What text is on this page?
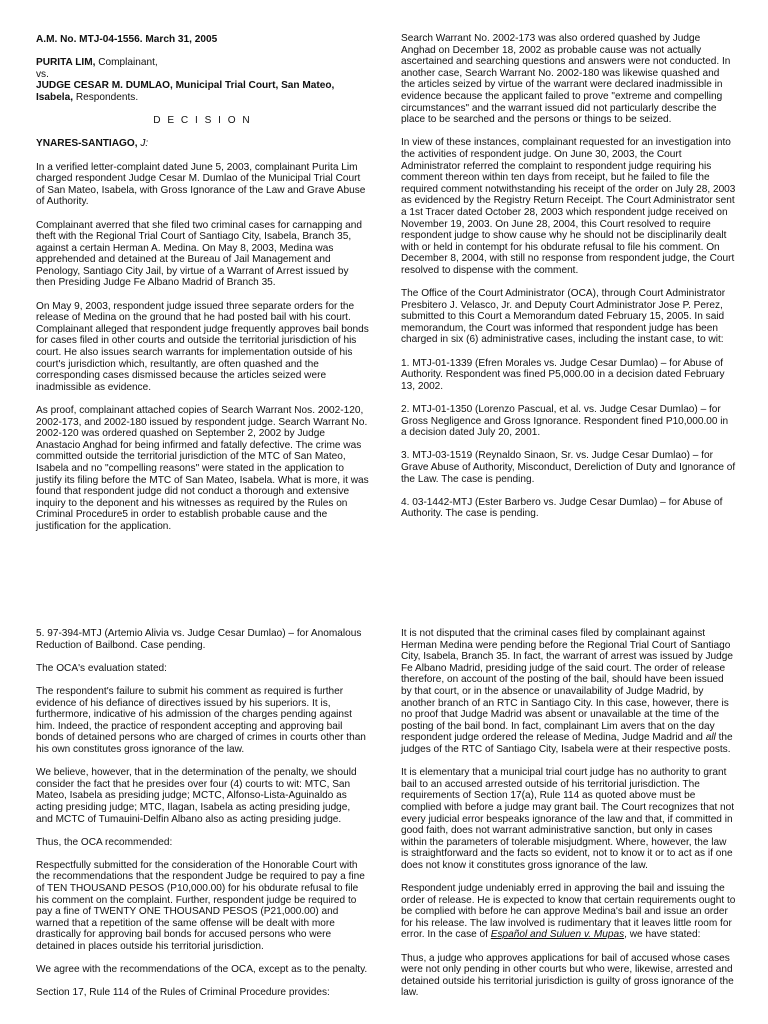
A.M. No. MTJ-04-1556. March 31, 2005

PURITA LIM, Complainant,

vs.

JUDGE CESAR M. DUMLAO, Municipal Trial Court, San Mateo, Isabela, Respondents.

D E C I S I O N

YNARES-SANTIAGO, J:

In a verified letter-complaint dated June 5, 2003, complainant Purita Lim charged respondent Judge Cesar M. Dumlao of the Municipal Trial Court of San Mateo, Isabela, with Gross Ignorance of the Law and Grave Abuse of Authority.

Complainant averred that she filed two criminal cases for carnapping and theft with the Regional Trial Court of Santiago City, Isabela, Branch 35, against a certain Herman A. Medina. On May 8, 2003, Medina was apprehended and detained at the Bureau of Jail Management and Penology, Santiago City Jail, by virtue of a Warrant of Arrest issued by then Presiding Judge Fe Albano Madrid of Branch 35.

On May 9, 2003, respondent judge issued three separate orders for the release of Medina on the ground that he had posted bail with his court. Complainant alleged that respondent judge frequently approves bail bonds for cases filed in other courts and outside the territorial jurisdiction of his court. He also issues search warrants for implementation outside of his court's jurisdiction which, resultantly, are often quashed and the corresponding cases dismissed because the articles seized were inadmissible as evidence.

As proof, complainant attached copies of Search Warrant Nos. 2002-120, 2002-173, and 2002-180 issued by respondent judge. Search Warrant No. 2002-120 was ordered quashed on September 2, 2002 by Judge Anastacio Anghad for being infirmed and fatally defective. The crime was committed outside the territorial jurisdiction of the MTC of San Mateo, Isabela and no "compelling reasons" were stated in the application to justify its filing before the MTC of San Mateo, Isabela. What is more, it was found that respondent judge did not conduct a thorough and extensive inquiry to the deponent and his witnesses as required by the Rules on Criminal Procedure5 in order to establish probable cause and the justification for the application.

Search Warrant No. 2002-173 was also ordered quashed by Judge Anghad on December 18, 2002 as probable cause was not actually ascertained and searching questions and answers were not conducted. In another case, Search Warrant No. 2002-180 was likewise quashed and the articles seized by virtue of the warrant were declared inadmissible in evidence because the applicant failed to prove "extreme and compelling circumstances" and the warrant issued did not particularly describe the place to be searched and the persons or things to be seized.

In view of these instances, complainant requested for an investigation into the activities of respondent judge. On June 30, 2003, the Court Administrator referred the complaint to respondent judge requiring his comment thereon within ten days from receipt, but he failed to file the required comment notwithstanding his receipt of the order on July 28, 2003 as evidenced by the Registry Return Receipt. The Court Administrator sent a 1st Tracer dated October 28, 2003 which respondent judge received on November 19, 2003. On June 28, 2004, this Court resolved to require respondent judge to show cause why he should not be disciplinarily dealt with or held in contempt for his obdurate refusal to file his comment. On December 8, 2004, with still no response from respondent judge, the Court resolved to dispense with the comment.

The Office of the Court Administrator (OCA), through Court Administrator Presbitero J. Velasco, Jr. and Deputy Court Administrator Jose P. Perez, submitted to this Court a Memorandum dated February 15, 2005. In said memorandum, the Court was informed that respondent judge has been charged in six (6) administrative cases, including the instant case, to wit:

1. MTJ-01-1339 (Efren Morales vs. Judge Cesar Dumlao) – for Abuse of Authority. Respondent was fined P5,000.00 in a decision dated February 13, 2002.

2. MTJ-01-1350 (Lorenzo Pascual, et al. vs. Judge Cesar Dumlao) – for Gross Negligence and Gross Ignorance. Respondent fined P10,000.00 in a decision dated July 20, 2001.

3. MTJ-03-1519 (Reynaldo Sinaon, Sr. vs. Judge Cesar Dumlao) – for Grave Abuse of Authority, Misconduct, Dereliction of Duty and Ignorance of the Law. The case is pending.

4. 03-1442-MTJ (Ester Barbero vs. Judge Cesar Dumlao) – for Abuse of Authority. The case is pending.

5. 97-394-MTJ (Artemio Alivia vs. Judge Cesar Dumlao) – for Anomalous Reduction of Bailbond. Case pending.

The OCA's evaluation stated:

The respondent's failure to submit his comment as required is further evidence of his defiance of directives issued by his superiors. It is, furthermore, indicative of his admission of the charges pending against him. Indeed, the practice of respondent accepting and approving bail bonds of detained persons who are charged of crimes in courts other than his own constitutes gross ignorance of the law.

We believe, however, that in the determination of the penalty, we should consider the fact that he presides over four (4) courts to wit: MTC, San Mateo, Isabela as presiding judge; MCTC, Alfonso-Lista-Aguinaldo as acting presiding judge; MTC, Ilagan, Isabela as acting presiding judge, and MCTC of Tumauini-Delfin Albano also as acting presiding judge.

Thus, the OCA recommended:

Respectfully submitted for the consideration of the Honorable Court with the recommendations that the respondent Judge be required to pay a fine of TEN THOUSAND PESOS (P10,000.00) for his obdurate refusal to file his comment on the complaint. Further, respondent judge be required to pay a fine of TWENTY ONE THOUSAND PESOS (P21,000.00) and warned that a repetition of the same offense will be dealt with more drastically for approving bail bonds for accused persons who were detained in places outside his territorial jurisdiction.

We agree with the recommendations of the OCA, except as to the penalty.

Section 17, Rule 114 of the Rules of Criminal Procedure provides:

It is not disputed that the criminal cases filed by complainant against Herman Medina were pending before the Regional Trial Court of Santiago City, Isabela, Branch 35. In fact, the warrant of arrest was issued by Judge Fe Albano Madrid, presiding judge of the said court. The order of release therefore, on account of the posting of the bail, should have been issued by that court, or in the absence or unavailability of Judge Madrid, by another branch of an RTC in Santiago City. In this case, however, there is no proof that Judge Madrid was absent or unavailable at the time of the posting of the bail bond. In fact, complainant Lim avers that on the day respondent judge ordered the release of Medina, Judge Madrid and all the judges of the RTC of Santiago City, Isabela were at their respective posts.

It is elementary that a municipal trial court judge has no authority to grant bail to an accused arrested outside of his territorial jurisdiction. The requirements of Section 17(a), Rule 114 as quoted above must be complied with before a judge may grant bail. The Court recognizes that not every judicial error bespeaks ignorance of the law and that, if committed in good faith, does not warrant administrative sanction, but only in cases within the parameters of tolerable misjudgment. Where, however, the law is straightforward and the facts so evident, not to know it or to act as if one does not know it constitutes gross ignorance of the law.

Respondent judge undeniably erred in approving the bail and issuing the order of release. He is expected to know that certain requirements ought to be complied with before he can approve Medina's bail and issue an order for his release. The law involved is rudimentary that it leaves little room for error. In the case of Español and Suluen v. Mupas, we have stated:

Thus, a judge who approves applications for bail of accused whose cases were not only pending in other courts but who were, likewise, arrested and detained outside his territorial jurisdiction is guilty of gross ignorance of the law.
